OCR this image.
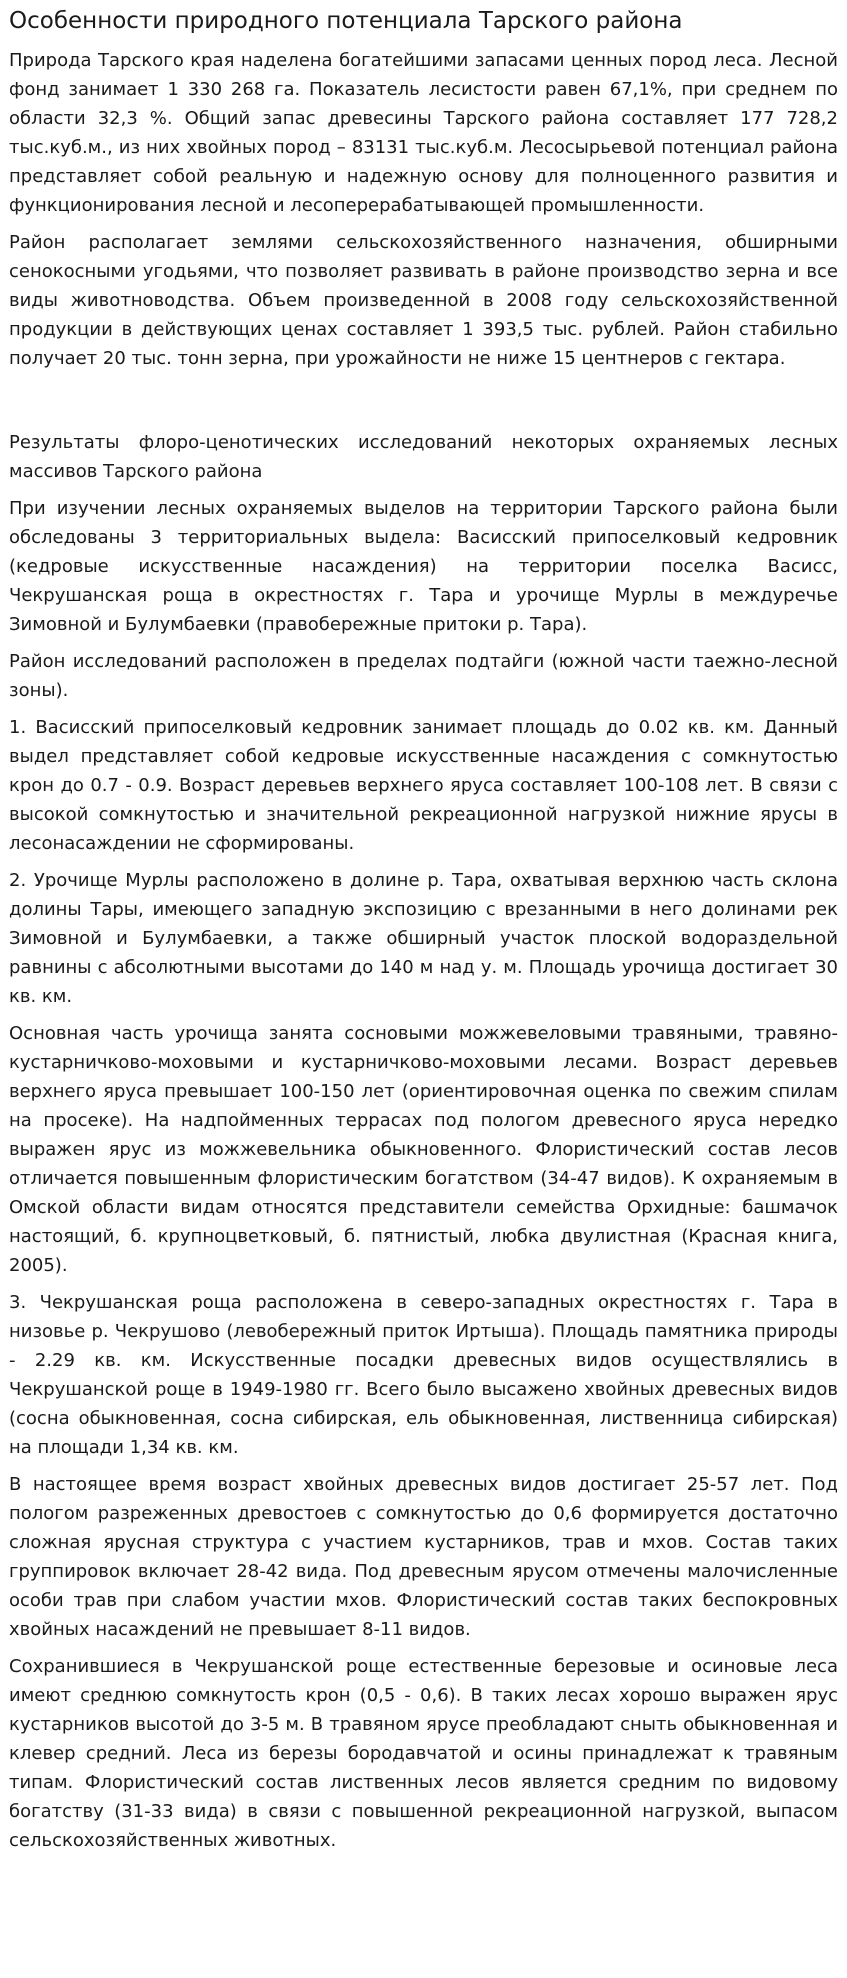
Особенности природного потенциала Тарского района

Природа Тарского края наделена богатейшими запасами ценных пород леса. Лесной фонд занимает 1 330 268 га. Показатель лесистости равен 67,1%, при среднем по области 32,3 %. Общий запас древесины Тарского района составляет 177 728,2 тыс.куб.м., из них хвойных пород – 83131 тыс.куб.м. Лесосырьевой потенциал района представляет собой реальную и надежную основу для полноценного развития и функционирования лесной и лесоперерабатывающей промышленности.

Район располагает землями сельскохозяйственного назначения, обширными сенокосными угодьями, что позволяет развивать в районе производство зерна и все виды животноводства. Объем произведенной в 2008 году сельскохозяйственной продукции в действующих ценах составляет 1 393,5 тыс. рублей. Район стабильно получает 20 тыс. тонн зерна, при урожайности не ниже 15 центнеров с гектара.

Результаты флоро-ценотических исследований некоторых охраняемых лесных массивов Тарского района

При изучении лесных охраняемых выделов на территории Тарского района были обследованы 3 территориальных выдела: Васисский припоселковый кедровник (кедровые искусственные насаждения) на территории поселка Васисс, Чекрушанская роща в окрестностях г. Тара и урочище Мурлы в междуречье Зимовной и Булумбаевки (правобережные притоки р. Тара).

Район исследований расположен в пределах подтайги (южной части таежно-лесной зоны).

1. Васисский припоселковый кедровник занимает площадь до 0.02 кв. км. Данный выдел представляет собой кедровые искусственные насаждения с сомкнутостью крон до 0.7 - 0.9. Возраст деревьев верхнего яруса составляет 100-108 лет. В связи с высокой сомкнутостью и значительной рекреационной нагрузкой нижние ярусы в лесонасаждении не сформированы.

2. Урочище Мурлы расположено в долине р. Тара, охватывая верхнюю часть склона долины Тары, имеющего западную экспозицию с врезанными в него долинами рек Зимовной и Булумбаевки, а также обширный участок плоской водораздельной равнины с абсолютными высотами до 140 м над у. м. Площадь урочища достигает 30 кв. км.

Основная часть урочища занята сосновыми можжевеловыми травяными, травяно-кустарничково-моховыми и кустарничково-моховыми лесами. Возраст деревьев верхнего яруса превышает 100-150 лет (ориентировочная оценка по свежим спилам на просеке). На надпойменных террасах под пологом древесного яруса нередко выражен ярус из можжевельника обыкновенного. Флористический состав лесов отличается повышенным флористическим богатством (34-47 видов). К охраняемым в Омской области видам относятся представители семейства Орхидные: башмачок настоящий, б. крупноцветковый, б. пятнистый, любка двулистная (Красная книга, 2005).

3. Чекрушанская роща расположена в северо-западных окрестностях г. Тара в низовье р. Чекрушово (левобережный приток Иртыша). Площадь памятника природы - 2.29 кв. км. Искусственные посадки древесных видов осуществлялись в Чекрушанской роще в 1949-1980 гг. Всего было высажено хвойных древесных видов (сосна обыкновенная, сосна сибирская, ель обыкновенная, лиственница сибирская) на площади 1,34 кв. км.

В настоящее время возраст хвойных древесных видов достигает 25-57 лет. Под пологом разреженных древостоев с сомкнутостью до 0,6 формируется достаточно сложная ярусная структура с участием кустарников, трав и мхов. Состав таких группировок включает 28-42 вида. Под древесным ярусом отмечены малочисленные особи трав при слабом участии мхов. Флористический состав таких беспокровных хвойных насаждений не превышает 8-11 видов.

Сохранившиеся в Чекрушанской роще естественные березовые и осиновые леса имеют среднюю сомкнутость крон (0,5 - 0,6). В таких лесах хорошо выражен ярус кустарников высотой до 3-5 м. В травяном ярусе преобладают сныть обыкновенная и клевер средний. Леса из березы бородавчатой и осины принадлежат к травяным типам. Флористический состав лиственных лесов является средним по видовому богатству (31-33 вида) в связи с повышенной рекреационной нагрузкой, выпасом сельскохозяйственных животных.
